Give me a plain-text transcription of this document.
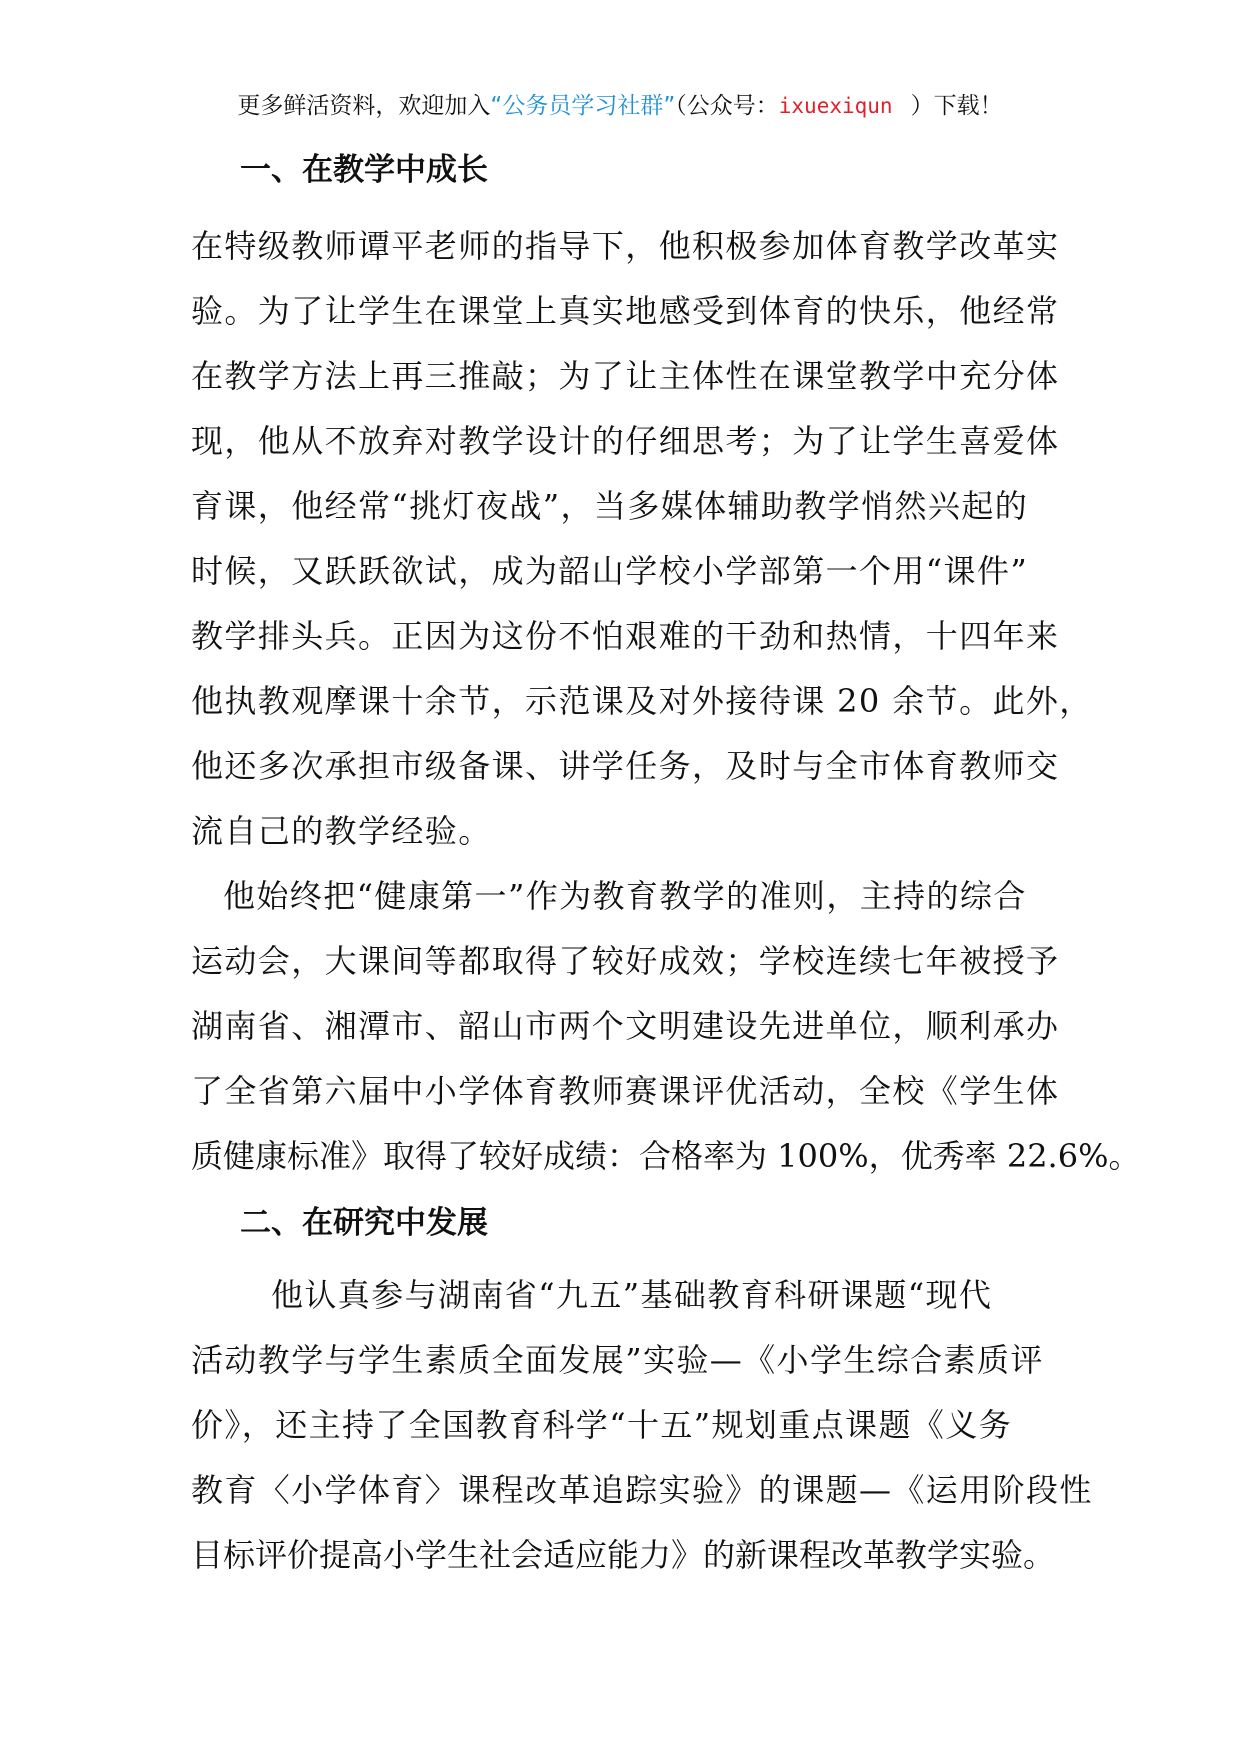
更多鲜活资料，欢迎加入“公务员学习社群”（公众号：ixuexiqun ）下载！
一、在教学中成长
在特级教师谭平老师的指导下，他积极参加体育教学改革实
验。为了让学生在课堂上真实地感受到体育的快乐，他经常
在教学方法上再三推敲；为了让主体性在课堂教学中充分体
现，他从不放弃对教学设计的仔细思考；为了让学生喜爱体
育课，他经常“挑灯夜战”，当多媒体辅助教学悄然兴起的
时候，又跃跃欲试，成为韶山学校小学部第一个用“课件”
教学排头兵。正因为这份不怕艰难的干劲和热情，十四年来
他执教观摩课十余节，示范课及对外接待课 20 余节。此外，
他还多次承担市级备课、讲学任务，及时与全市体育教师交
流自己的教学经验。
他始终把“健康第一”作为教育教学的准则，主持的综合
运动会，大课间等都取得了较好成效；学校连续七年被授予
湖南省、湘潭市、韶山市两个文明建设先进单位，顺利承办
了全省第六届中小学体育教师赛课评优活动，全校《学生体
质健康标准》取得了较好成绩：合格率为 100%，优秀率 22.6%。
二、在研究中发展
他认真参与湖南省“九五”基础教育科研课题“现代
活动教学与学生素质全面发展”实验—《小学生综合素质评
价》，还主持了全国教育科学“十五”规划重点课题《义务
教育〈小学体育〉课程改革追踪实验》的课题—《运用阶段性
目标评价提高小学生社会适应能力》的新课程改革教学实验。
